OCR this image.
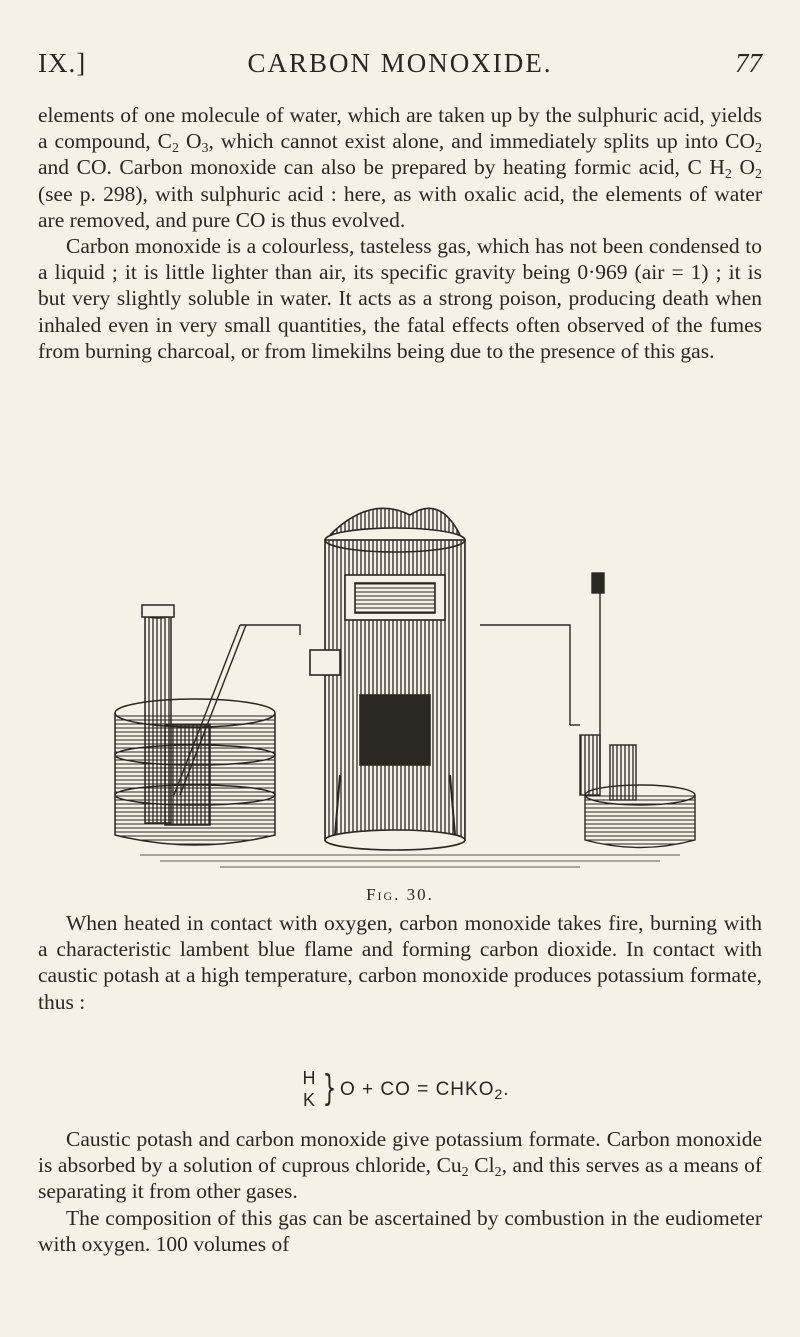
IX.]	CARBON MONOXIDE.	77

elements of one molecule of water, which are taken up by the sulphuric acid, yields a compound, $C_2$ $O_3$, which cannot exist alone, and immediately splits up into $CO_2$ and CO. Carbon monoxide can also be prepared by heating formic acid, C $H_2$ $O_2$ (see p. 298), with sulphuric acid : here, as with oxalic acid, the elements of water are removed, and pure CO is thus evolved.

Carbon monoxide is a colourless, tasteless gas, which has not been condensed to a liquid ; it is little lighter than air, its specific gravity being 0·969 (air = 1) ; it is but very slightly soluble in water. It acts as a strong poison, producing death when inhaled even in very small quantities, the fatal effects often observed of the fumes from burning charcoal, or from limekilns being due to the presence of this gas.

Fig. 30.

When heated in contact with oxygen, carbon monoxide takes fire, burning with a characteristic lambent blue flame and forming carbon dioxide. In contact with caustic potash at a high temperature, carbon monoxide produces potassium formate, thus :

H
K } O + CO = $CHKO_2$.

Caustic potash and carbon monoxide give potassium formate. Carbon monoxide is absorbed by a solution of cuprous chloride, $Cu_2$ $Cl_2$, and this serves as a means of separating it from other gases.

The composition of this gas can be ascertained by combustion in the eudiometer with oxygen. 100 volumes of
